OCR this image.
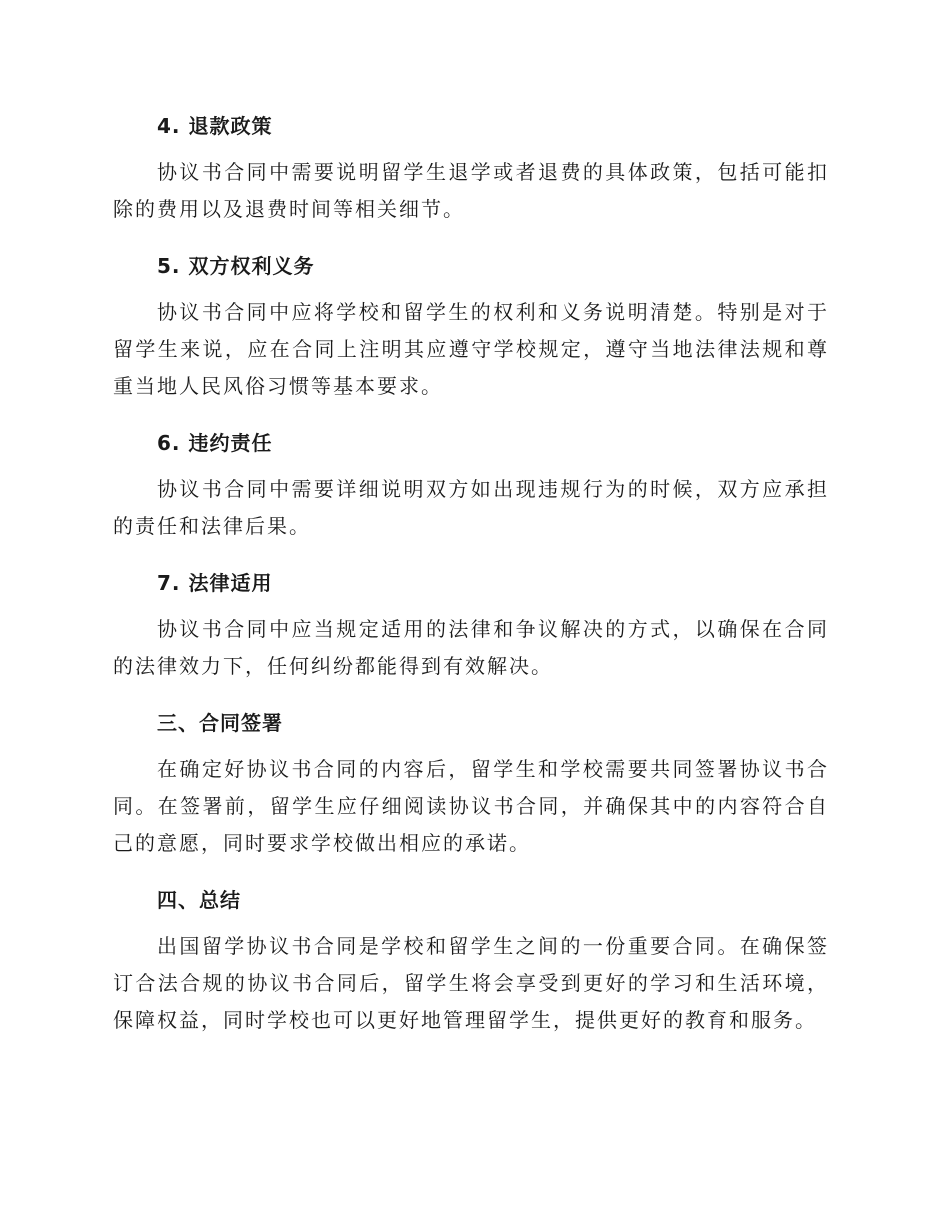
4. 退款政策

协议书合同中需要说明留学生退学或者退费的具体政策，包括可能扣除的费用以及退费时间等相关细节。

5. 双方权利义务

协议书合同中应将学校和留学生的权利和义务说明清楚。特别是对于留学生来说，应在合同上注明其应遵守学校规定，遵守当地法律法规和尊重当地人民风俗习惯等基本要求。

6. 违约责任

协议书合同中需要详细说明双方如出现违规行为的时候，双方应承担的责任和法律后果。

7. 法律适用

协议书合同中应当规定适用的法律和争议解决的方式，以确保在合同的法律效力下，任何纠纷都能得到有效解决。

三、合同签署

在确定好协议书合同的内容后，留学生和学校需要共同签署协议书合同。在签署前，留学生应仔细阅读协议书合同，并确保其中的内容符合自己的意愿，同时要求学校做出相应的承诺。

四、总结

出国留学协议书合同是学校和留学生之间的一份重要合同。在确保签订合法合规的协议书合同后，留学生将会享受到更好的学习和生活环境，保障权益，同时学校也可以更好地管理留学生，提供更好的教育和服务。
